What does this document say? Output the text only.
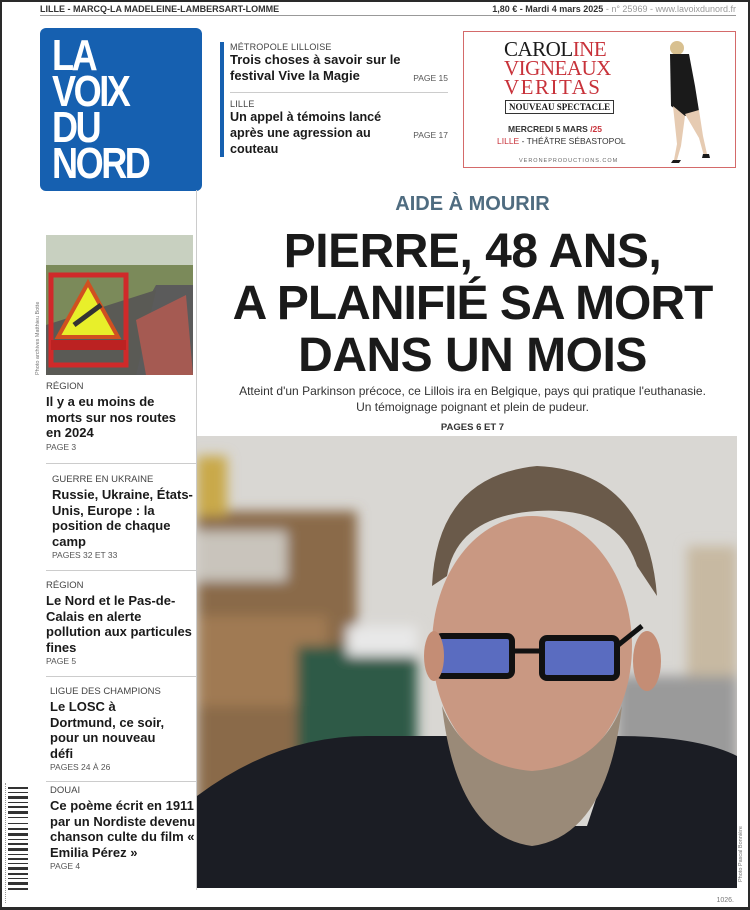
LILLE - MARCQ-LA MADELEINE-LAMBERSART-LOMME	1,80 € - Mardi 4 mars 2025 - n° 25969 - www.lavoixdunord.fr
LA
VOIX
DU
NORD
MÉTROPOLE LILLOISE
PAGE 15
Trois choses à savoir sur le festival Vive la Magie
LILLE
PAGE 17
Un appel à témoins lancé après une agression au couteau
CAROLINE
VIGNEAUX
VERITAS
NOUVEAU SPECTACLE
MERCREDI 5 MARS /25
LILLE - THÉÂTRE SÉBASTOPOL
VERONEPRODUCTIONS.COM
AIDE À MOURIR
PIERRE, 48 ANS,
A PLANIFIÉ SA MORT
DANS UN MOIS
Atteint d'un Parkinson précoce, ce Lillois ira en Belgique, pays qui pratique l'euthanasie.
Un témoignage poignant et plein de pudeur.
PAGES 6 ET 7
Photo Pascal Bonnière
Photo archives Matthieu Botte
RÉGION
Il y a eu moins de morts sur nos routes en 2024
PAGE 3
GUERRE EN UKRAINE
Russie, Ukraine, États-Unis, Europe : la position de chaque camp
PAGES 32 ET 33
RÉGION
Le Nord et le Pas-de-Calais en alerte pollution aux particules fines
PAGE 5
LIGUE DES CHAMPIONS
Le LOSC à Dortmund, ce soir, pour un nouveau défi
PAGES 24 À 26
DOUAI
Ce poème écrit en 1911 par un Nordiste devenu chanson culte du film « Emilia Pérez »
PAGE 4
1026.
